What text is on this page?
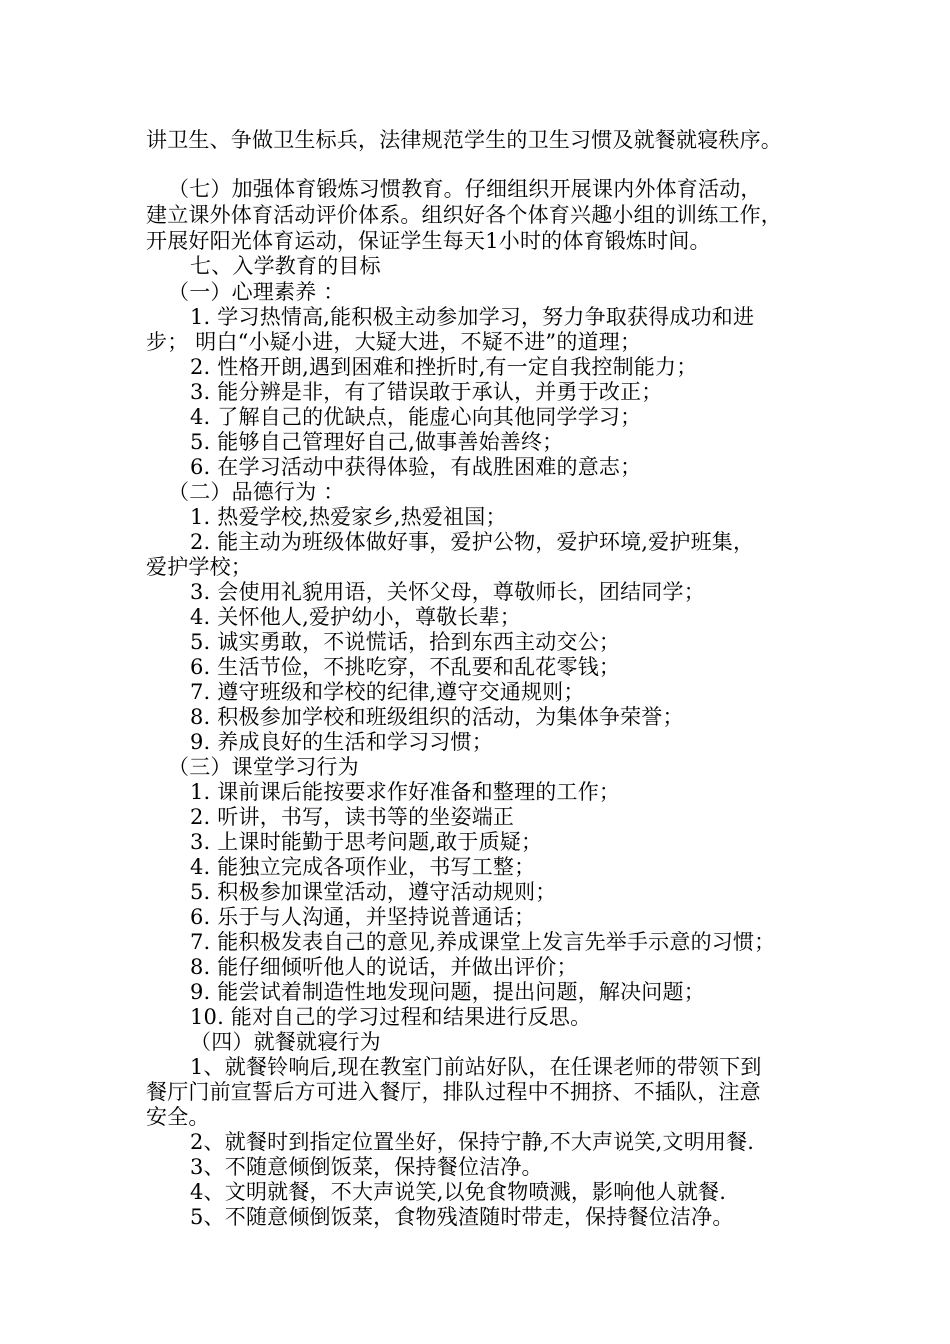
讲卫生、争做卫生标兵，法律规范学生的卫生习惯及就餐就寝秩序。
（七）加强体育锻炼习惯教育。仔细组织开展课内外体育活动，
建立课外体育活动评价体系。组织好各个体育兴趣小组的训练工作，
开展好阳光体育运动，保证学生每天1小时的体育锻炼时间。
七、入学教育的目标
（一）心理素养 ：
1. 学习热情高,能积极主动参加学习，努力争取获得成功和进
步； 明白“小疑小进，大疑大进，不疑不进”的道理；
2. 性格开朗,遇到困难和挫折时,有一定自我控制能力；
3. 能分辨是非，有了错误敢于承认，并勇于改正；
4. 了解自己的优缺点，能虚心向其他同学学习；
5. 能够自己管理好自己,做事善始善终；
6. 在学习活动中获得体验，有战胜困难的意志；
（二）品德行为 ：
1. 热爱学校,热爱家乡,热爱祖国；
2. 能主动为班级体做好事，爱护公物，爱护环境,爱护班集，
爱护学校；
3. 会使用礼貌用语，关怀父母，尊敬师长，团结同学；
4. 关怀他人,爱护幼小，尊敬长辈；
5. 诚实勇敢，不说慌话，拾到东西主动交公；
6. 生活节俭，不挑吃穿，不乱要和乱花零钱；
7. 遵守班级和学校的纪律,遵守交通规则；
8. 积极参加学校和班级组织的活动，为集体争荣誉；
9. 养成良好的生活和学习习惯；
（三）课堂学习行为
1. 课前课后能按要求作好准备和整理的工作；
2. 听讲，书写，读书等的坐姿端正
3. 上课时能勤于思考问题,敢于质疑；
4. 能独立完成各项作业，书写工整；
5. 积极参加课堂活动，遵守活动规则；
6. 乐于与人沟通，并坚持说普通话；
7. 能积极发表自己的意见,养成课堂上发言先举手示意的习惯；
8. 能仔细倾听他人的说话，并做出评价；
9. 能尝试着制造性地发现问题，提出问题，解决问题；
10. 能对自己的学习过程和结果进行反思。
（四）就餐就寝行为
1、就餐铃响后,现在教室门前站好队，在任课老师的带领下到
餐厅门前宣誓后方可进入餐厅，排队过程中不拥挤、不插队，注意
安全。
2、就餐时到指定位置坐好，保持宁静,不大声说笑,文明用餐.
3、不随意倾倒饭菜，保持餐位洁净。
4、文明就餐，不大声说笑,以免食物喷溅，影响他人就餐.
5、不随意倾倒饭菜，食物残渣随时带走，保持餐位洁净。
